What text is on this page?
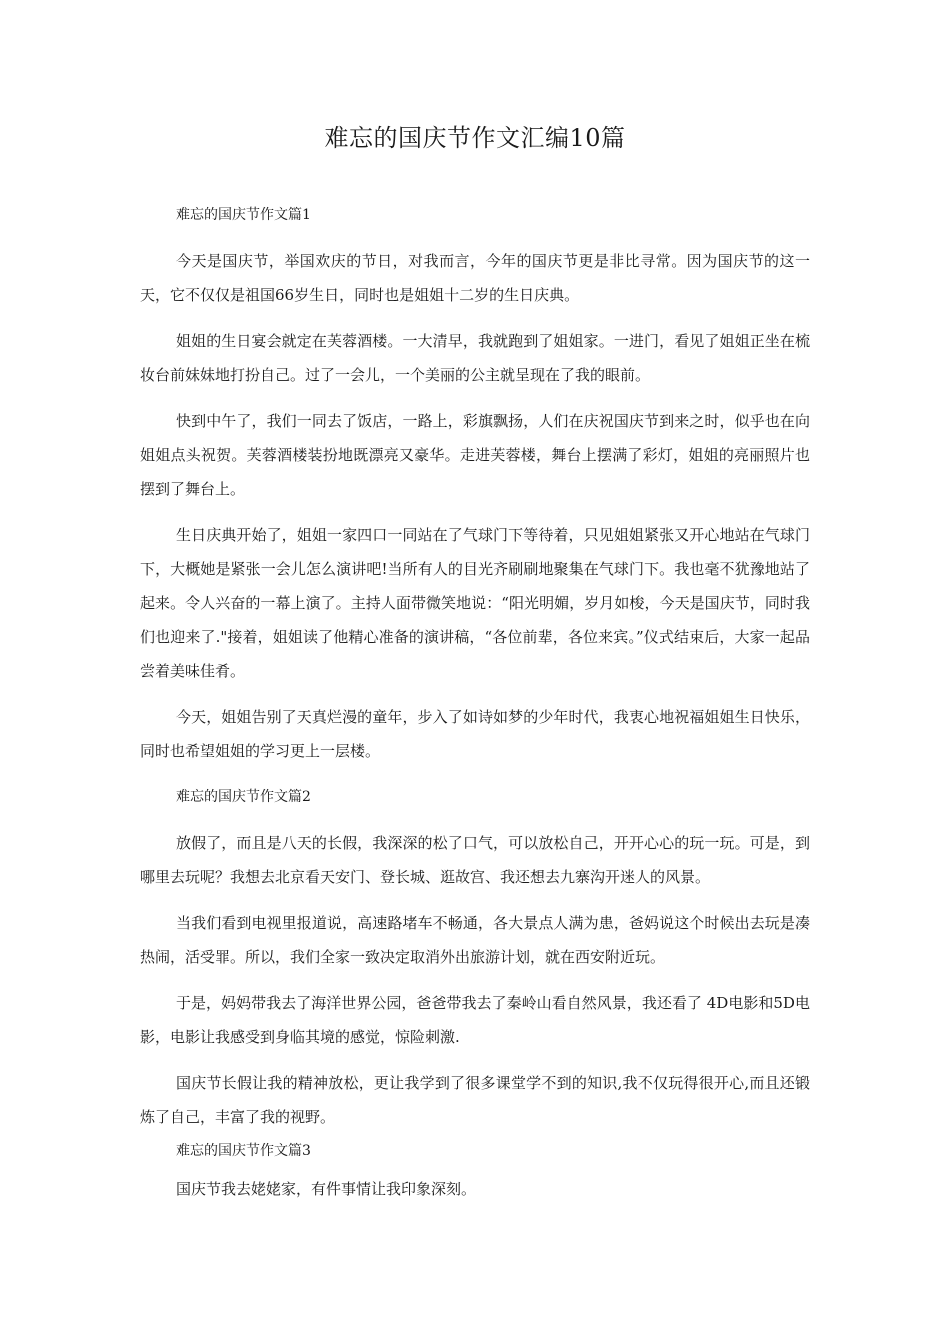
难忘的国庆节作文汇编10篇

难忘的国庆节作文篇1

今天是国庆节，举国欢庆的节日，对我而言，今年的国庆节更是非比寻常。因为国庆节的这一天，它不仅仅是祖国66岁生日，同时也是姐姐十二岁的生日庆典。

姐姐的生日宴会就定在芙蓉酒楼。一大清早，我就跑到了姐姐家。一进门，看见了姐姐正坐在梳妆台前妹妹地打扮自己。过了一会儿，一个美丽的公主就呈现在了我的眼前。

快到中午了，我们一同去了饭店，一路上，彩旗飘扬，人们在庆祝国庆节到来之时，似乎也在向姐姐点头祝贺。芙蓉酒楼装扮地既漂亮又豪华。走进芙蓉楼，舞台上摆满了彩灯，姐姐的亮丽照片也摆到了舞台上。

生日庆典开始了，姐姐一家四口一同站在了气球门下等待着，只见姐姐紧张又开心地站在气球门下，大概她是紧张一会儿怎么演讲吧!当所有人的目光齐刷刷地聚集在气球门下。我也毫不犹豫地站了起来。令人兴奋的一幕上演了。主持人面带微笑地说：“阳光明媚，岁月如梭，今天是国庆节，同时我们也迎来了."接着，姐姐读了他精心准备的演讲稿，“各位前辈，各位来宾。”仪式结束后，大家一起品尝着美味佳肴。

今天，姐姐告别了天真烂漫的童年，步入了如诗如梦的少年时代，我衷心地祝福姐姐生日快乐，同时也希望姐姐的学习更上一层楼。

难忘的国庆节作文篇2

放假了，而且是八天的长假，我深深的松了口气，可以放松自己，开开心心的玩一玩。可是，到哪里去玩呢？我想去北京看天安门、登长城、逛故宫、我还想去九寨沟开迷人的风景。

当我们看到电视里报道说，高速路堵车不畅通，各大景点人满为患，爸妈说这个时候出去玩是凑热闹，活受罪。所以，我们全家一致决定取消外出旅游计划，就在西安附近玩。

于是，妈妈带我去了海洋世界公园，爸爸带我去了秦岭山看自然风景，我还看了 4D电影和5D电影，电影让我感受到身临其境的感觉，惊险刺激.

国庆节长假让我的精神放松，更让我学到了很多课堂学不到的知识,我不仅玩得很开心,而且还锻炼了自己，丰富了我的视野。

难忘的国庆节作文篇3

国庆节我去姥姥家，有件事情让我印象深刻。
